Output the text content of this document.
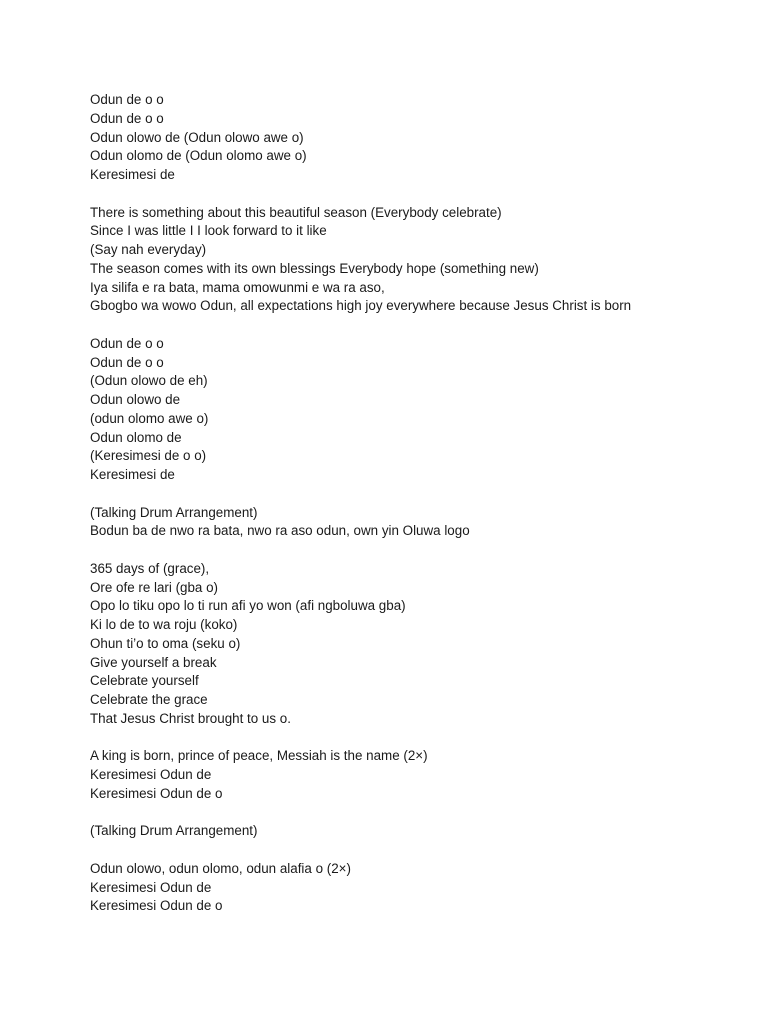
Odun de o o
Odun de o o
Odun olowo de (Odun olowo awe o)
Odun olomo de (Odun olomo awe o)
Keresimesi de
There is something about this beautiful season (Everybody celebrate)
Since I was little I I look forward to it like
(Say nah everyday)
The season comes with its own blessings Everybody hope (something new)
Iya silifa e ra bata, mama omowunmi e wa ra aso,
Gbogbo wa wowo Odun, all expectations high joy everywhere because Jesus Christ is born
Odun de o o
Odun de o o
(Odun olowo de eh)
Odun olowo de
(odun olomo awe o)
Odun olomo de
(Keresimesi de o o)
Keresimesi de
(Talking Drum Arrangement)
Bodun ba de nwo ra bata, nwo ra aso odun, own yin Oluwa logo
365 days of (grace),
Ore ofe re lari (gba o)
Opo lo tiku opo lo ti run afi yo won (afi ngboluwa gba)
Ki lo de to wa roju (koko)
Ohun ti’o to oma (seku o)
Give yourself a break
Celebrate yourself
Celebrate the grace
That Jesus Christ brought to us o.
A king is born, prince of peace, Messiah is the name (2×)
Keresimesi Odun de
Keresimesi Odun de o
(Talking Drum Arrangement)
Odun olowo, odun olomo, odun alafia o (2×)
Keresimesi Odun de
Keresimesi Odun de o
